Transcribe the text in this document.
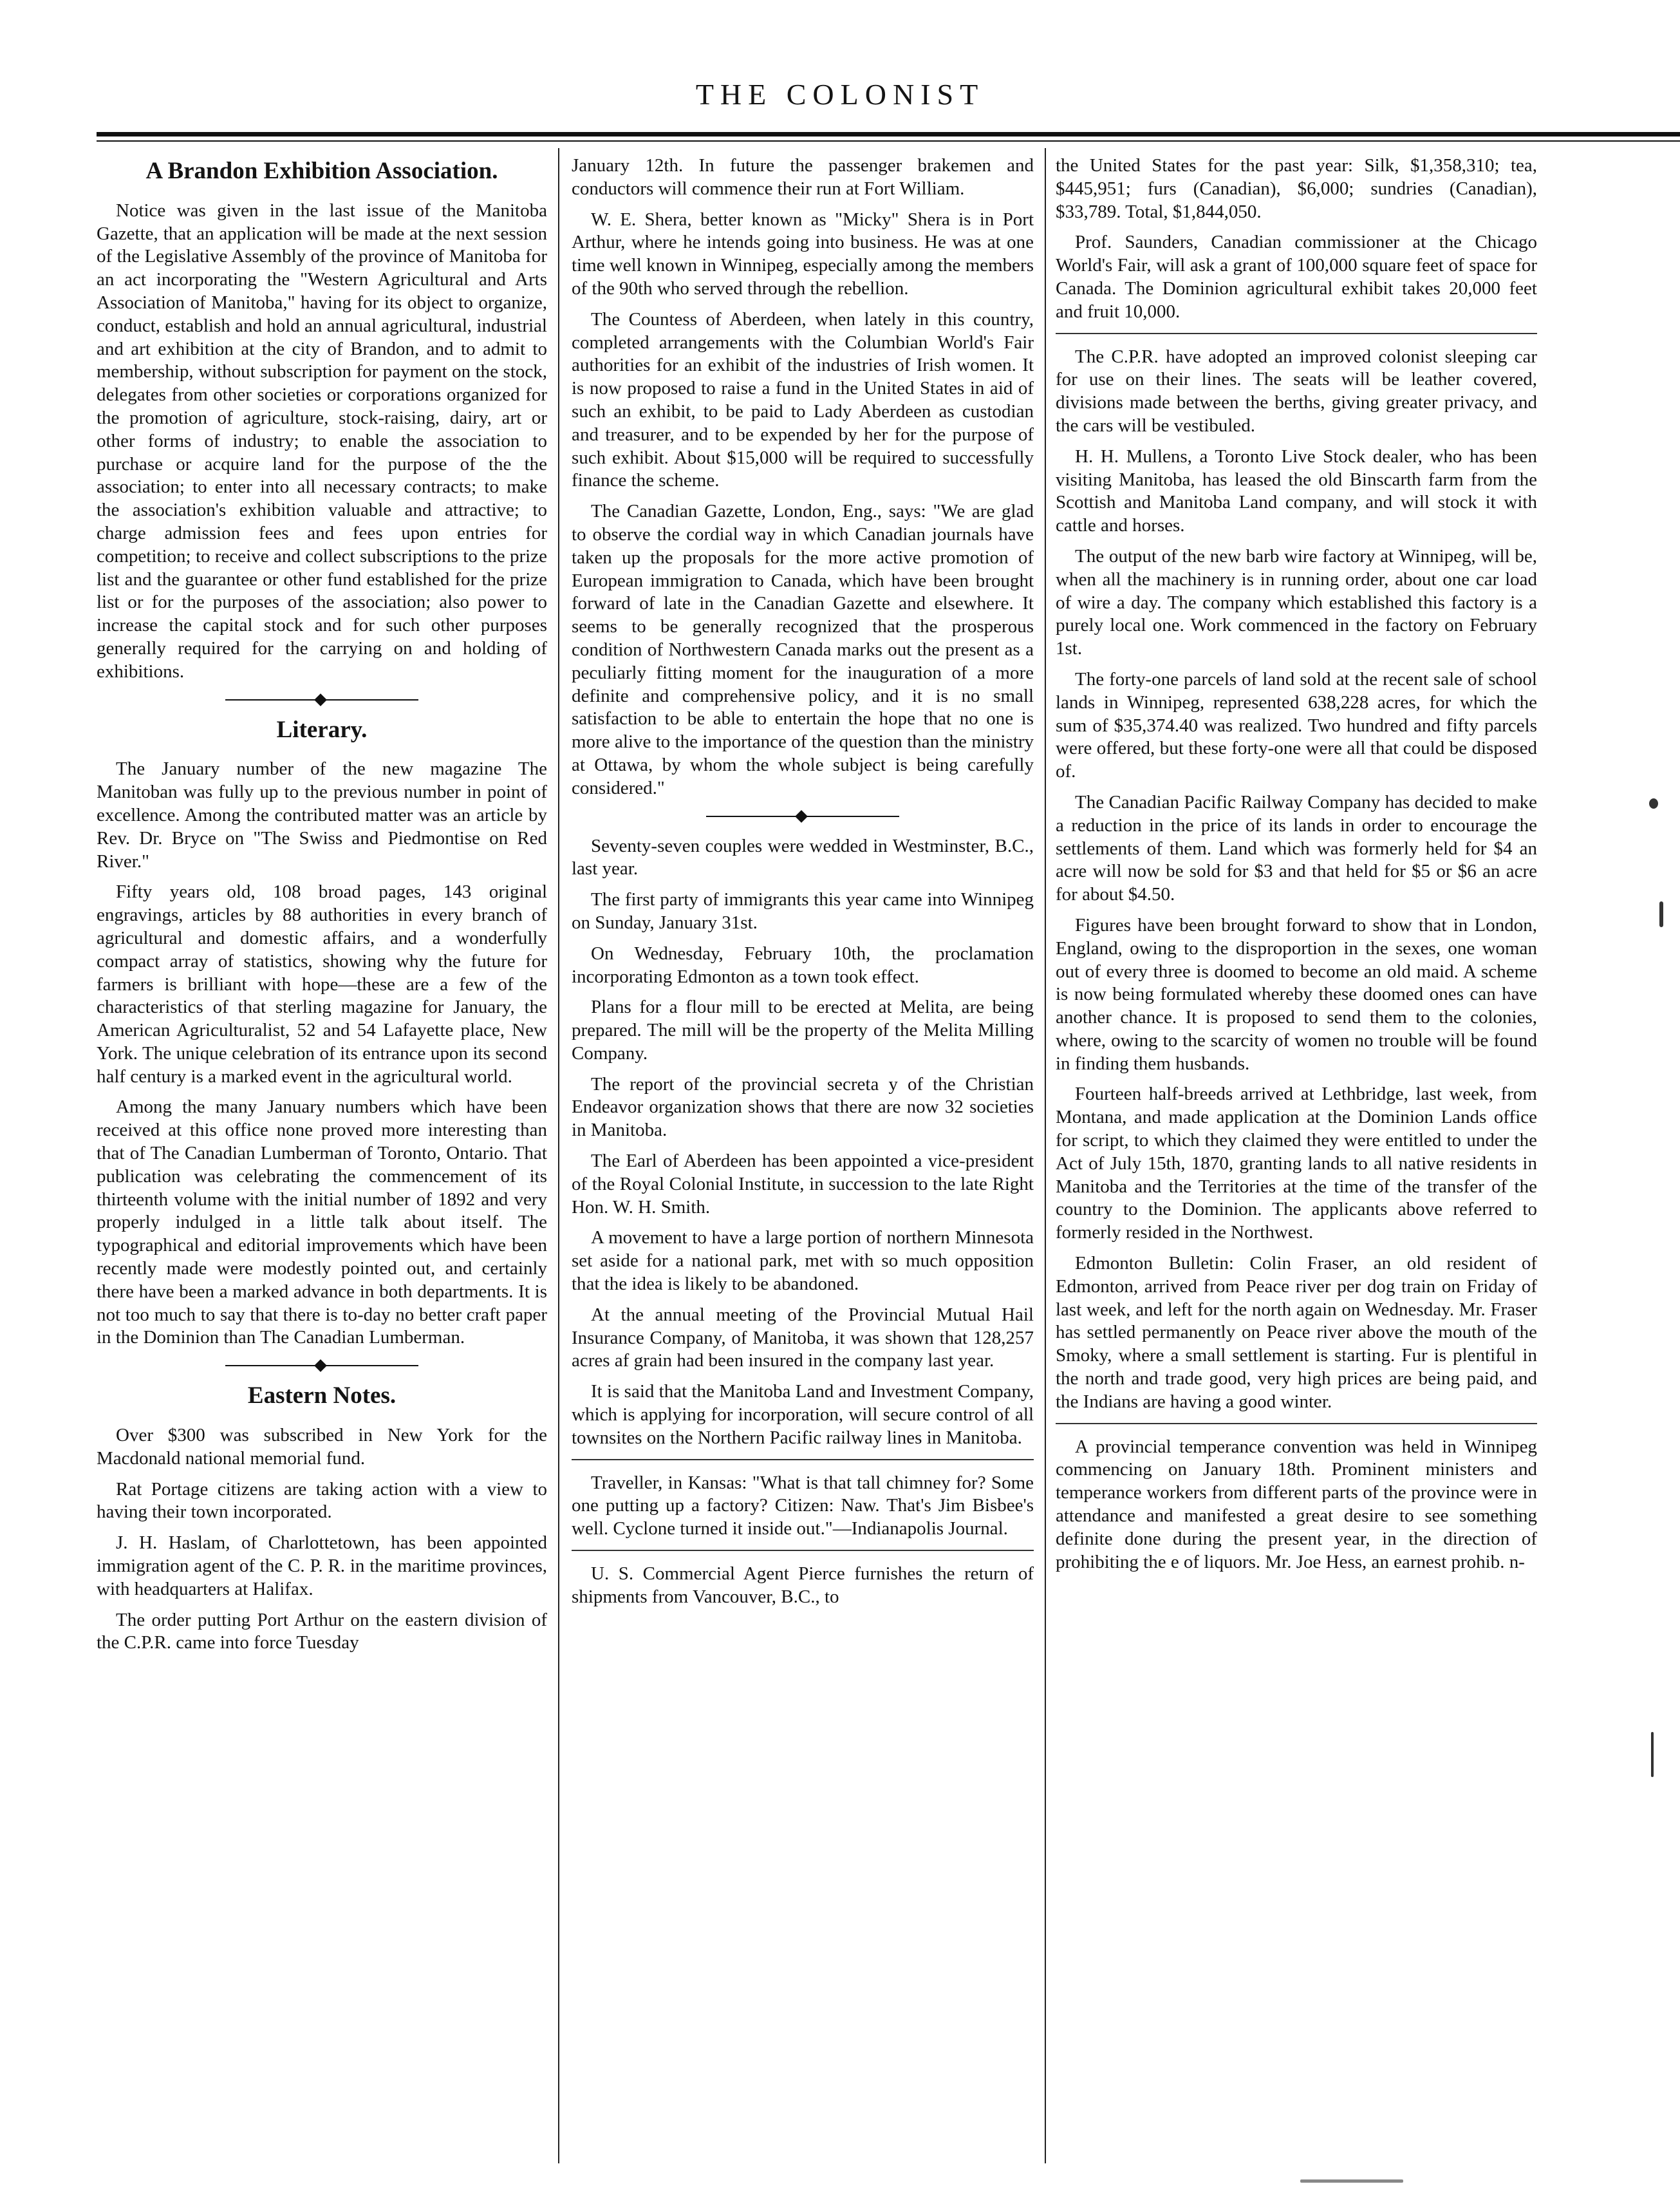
THE COLONIST
A Brandon Exhibition Association.

Notice was given in the last issue of the Manitoba Gazette, that an application will be made at the next session of the Legislative Assembly of the province of Manitoba for an act incorporating the "Western Agricultural and Arts Association of Manitoba," having for its object to organize, conduct, establish and hold an annual agricultural, industrial and art exhibition at the city of Brandon, and to admit to membership, without subscription for payment on the stock, delegates from other societies or corporations organized for the promotion of agriculture, stock-raising, dairy, art or other forms of industry; to enable the association to purchase or acquire land for the purpose of the the association; to enter into all necessary contracts; to make the association's exhibition valuable and attractive; to charge admission fees and fees upon entries for competition; to receive and collect subscriptions to the prize list and the guarantee or other fund established for the prize list or for the purposes of the association; also power to increase the capital stock and for such other purposes generally required for the carrying on and holding of exhibitions.

Literary.

The January number of the new magazine The Manitoban was fully up to the previous number in point of excellence. Among the contributed matter was an article by Rev. Dr. Bryce on "The Swiss and Piedmontise on Red River."

Fifty years old, 108 broad pages, 143 original engravings, articles by 88 authorities in every branch of agricultural and domestic affairs, and a wonderfully compact array of statistics, showing why the future for farmers is brilliant with hope—these are a few of the characteristics of that sterling magazine for January, the American Agriculturalist, 52 and 54 Lafayette place, New York. The unique celebration of its entrance upon its second half century is a marked event in the agricultural world.

Among the many January numbers which have been received at this office none proved more interesting than that of The Canadian Lumberman of Toronto, Ontario. That publication was celebrating the commencement of its thirteenth volume with the initial number of 1892 and very properly indulged in a little talk about itself. The typographical and editorial improvements which have been recently made were modestly pointed out, and certainly there have been a marked advance in both departments. It is not too much to say that there is to-day no better craft paper in the Dominion than The Canadian Lumberman.

Eastern Notes.

Over $300 was subscribed in New York for the Macdonald national memorial fund.

Rat Portage citizens are taking action with a view to having their town incorporated.

J. H. Haslam, of Charlottetown, has been appointed immigration agent of the C. P. R. in the maritime provinces, with headquarters at Halifax.

The order putting Port Arthur on the eastern division of the C.P.R. came into force Tuesday

January 12th. In future the passenger brakemen and conductors will commence their run at Fort William.

W. E. Shera, better known as "Micky" Shera is in Port Arthur, where he intends going into business. He was at one time well known in Winnipeg, especially among the members of the 90th who served through the rebellion.

The Countess of Aberdeen, when lately in this country, completed arrangements with the Columbian World's Fair authorities for an exhibit of the industries of Irish women. It is now proposed to raise a fund in the United States in aid of such an exhibit, to be paid to Lady Aberdeen as custodian and treasurer, and to be expended by her for the purpose of such exhibit. About $15,000 will be required to successfully finance the scheme.

The Canadian Gazette, London, Eng., says: "We are glad to observe the cordial way in which Canadian journals have taken up the proposals for the more active promotion of European immigration to Canada, which have been brought forward of late in the Canadian Gazette and elsewhere. It seems to be generally recognized that the prosperous condition of Northwestern Canada marks out the present as a peculiarly fitting moment for the inauguration of a more definite and comprehensive policy, and it is no small satisfaction to be able to entertain the hope that no one is more alive to the importance of the question than the ministry at Ottawa, by whom the whole subject is being carefully considered."

Seventy-seven couples were wedded in Westminster, B.C., last year.

The first party of immigrants this year came into Winnipeg on Sunday, January 31st.

On Wednesday, February 10th, the proclamation incorporating Edmonton as a town took effect.

Plans for a flour mill to be erected at Melita, are being prepared. The mill will be the property of the Melita Milling Company.

The report of the provincial secreta y of the Christian Endeavor organization shows that there are now 32 societies in Manitoba.

The Earl of Aberdeen has been appointed a vice-president of the Royal Colonial Institute, in succession to the late Right Hon. W. H. Smith.

A movement to have a large portion of northern Minnesota set aside for a national park, met with so much opposition that the idea is likely to be abandoned.

At the annual meeting of the Provincial Mutual Hail Insurance Company, of Manitoba, it was shown that 128,257 acres af grain had been insured in the company last year.

It is said that the Manitoba Land and Investment Company, which is applying for incorporation, will secure control of all townsites on the Northern Pacific railway lines in Manitoba.

Traveller, in Kansas: "What is that tall chimney for? Some one putting up a factory? Citizen: Naw. That's Jim Bisbee's well. Cyclone turned it inside out."—Indianapolis Journal.

U. S. Commercial Agent Pierce furnishes the return of shipments from Vancouver, B.C., to

the United States for the past year: Silk, $1,358,310; tea, $445,951; furs (Canadian), $6,000; sundries (Canadian), $33,789. Total, $1,844,050.

Prof. Saunders, Canadian commissioner at the Chicago World's Fair, will ask a grant of 100,000 square feet of space for Canada. The Dominion agricultural exhibit takes 20,000 feet and fruit 10,000.

The C.P.R. have adopted an improved colonist sleeping car for use on their lines. The seats will be leather covered, divisions made between the berths, giving greater privacy, and the cars will be vestibuled.

H. H. Mullens, a Toronto Live Stock dealer, who has been visiting Manitoba, has leased the old Binscarth farm from the Scottish and Manitoba Land company, and will stock it with cattle and horses.

The output of the new barb wire factory at Winnipeg, will be, when all the machinery is in running order, about one car load of wire a day. The company which established this factory is a purely local one. Work commenced in the factory on February 1st.

The forty-one parcels of land sold at the recent sale of school lands in Winnipeg, represented 638,228 acres, for which the sum of $35,374.40 was realized. Two hundred and fifty parcels were offered, but these forty-one were all that could be disposed of.

The Canadian Pacific Railway Company has decided to make a reduction in the price of its lands in order to encourage the settlements of them. Land which was formerly held for $4 an acre will now be sold for $3 and that held for $5 or $6 an acre for about $4.50.

Figures have been brought forward to show that in London, England, owing to the disproportion in the sexes, one woman out of every three is doomed to become an old maid. A scheme is now being formulated whereby these doomed ones can have another chance. It is proposed to send them to the colonies, where, owing to the scarcity of women no trouble will be found in finding them husbands.

Fourteen half-breeds arrived at Lethbridge, last week, from Montana, and made application at the Dominion Lands office for script, to which they claimed they were entitled to under the Act of July 15th, 1870, granting lands to all native residents in Manitoba and the Territories at the time of the transfer of the country to the Dominion. The applicants above referred to formerly resided in the Northwest.

Edmonton Bulletin: Colin Fraser, an old resident of Edmonton, arrived from Peace river per dog train on Friday of last week, and left for the north again on Wednesday. Mr. Fraser has settled permanently on Peace river above the mouth of the Smoky, where a small settlement is starting. Fur is plentiful in the north and trade good, very high prices are being paid, and the Indians are having a good winter.

A provincial temperance convention was held in Winnipeg commencing on January 18th. Prominent ministers and temperance workers from different parts of the province were in attendance and manifested a great desire to see something definite done during the present year, in the direction of prohibiting the e of liquors. Mr. Joe Hess, an earnest prohib. n-
